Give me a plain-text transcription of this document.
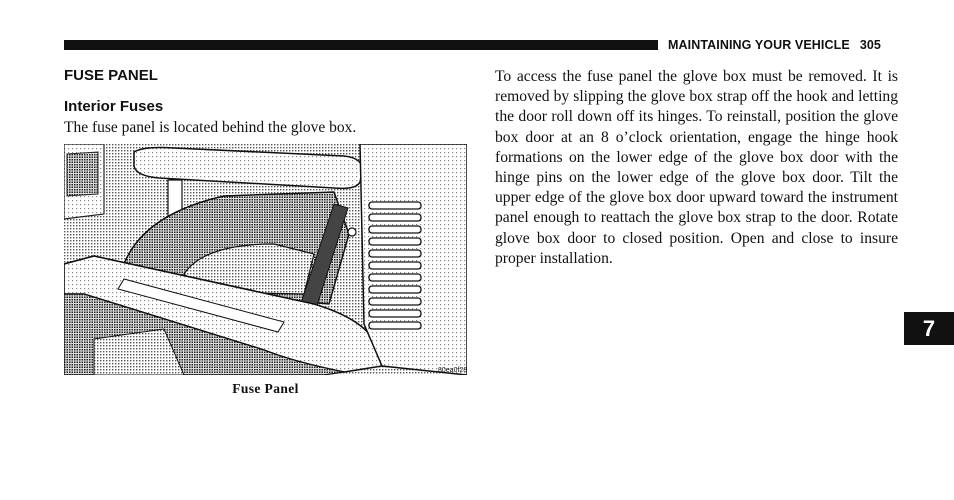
MAINTAINING YOUR VEHICLE 305
FUSE PANEL
Interior Fuses
The fuse panel is located behind the glove box.
80ea0f28
Fuse Panel

To access the fuse panel the glove box must be removed. It is removed by slipping the glove box strap off the hook and letting the door roll down off its hinges. To reinstall, position the glove box door at an 8 o’clock orientation, engage the hinge hook formations on the lower edge of the glove box door with the hinge pins on the lower edge of the glove box door. Tilt the upper edge of the glove box door upward toward the instrument panel enough to reattach the glove box strap to the door. Rotate glove box door to closed position. Open and close to insure proper installation.

7
